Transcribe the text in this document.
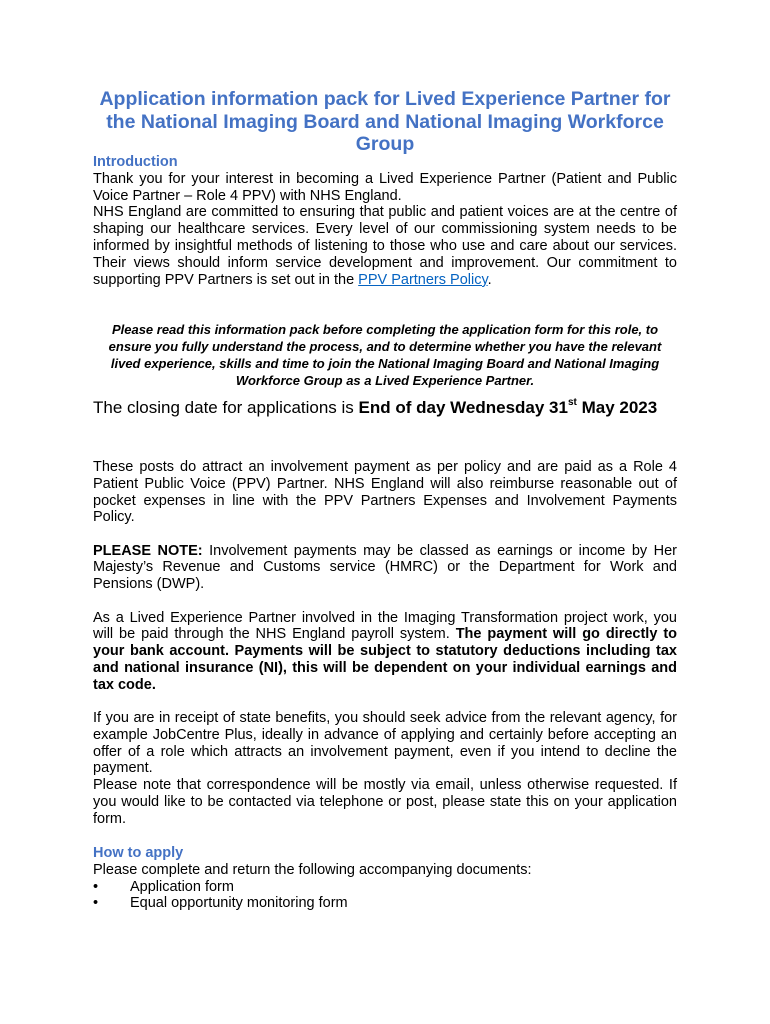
Application information pack for Lived Experience Partner for the National Imaging Board and National Imaging Workforce Group
Introduction

Thank you for your interest in becoming a Lived Experience Partner (Patient and Public Voice Partner – Role 4 PPV) with NHS England.

NHS England are committed to ensuring that public and patient voices are at the centre of shaping our healthcare services. Every level of our commissioning system needs to be informed by insightful methods of listening to those who use and care about our services. Their views should inform service development and improvement. Our commitment to supporting PPV Partners is set out in the PPV Partners Policy.

Please read this information pack before completing the application form for this role, to ensure you fully understand the process, and to determine whether you have the relevant lived experience, skills and time to join the National Imaging Board and National Imaging Workforce Group as a Lived Experience Partner.
The closing date for applications is End of day Wednesday 31st May 2023

These posts do attract an involvement payment as per policy and are paid as a Role 4 Patient Public Voice (PPV) Partner. NHS England will also reimburse reasonable out of pocket expenses in line with the PPV Partners Expenses and Involvement Payments Policy.

PLEASE NOTE: Involvement payments may be classed as earnings or income by Her Majesty’s Revenue and Customs service (HMRC) or the Department for Work and Pensions (DWP).

As a Lived Experience Partner involved in the Imaging Transformation project work, you will be paid through the NHS England payroll system. The payment will go directly to your bank account. Payments will be subject to statutory deductions including tax and national insurance (NI), this will be dependent on your individual earnings and tax code.

If you are in receipt of state benefits, you should seek advice from the relevant agency, for example JobCentre Plus, ideally in advance of applying and certainly before accepting an offer of a role which attracts an involvement payment, even if you intend to decline the payment.

Please note that correspondence will be mostly via email, unless otherwise requested. If you would like to be contacted via telephone or post, please state this on your application form.

How to apply

Please complete and return the following accompanying documents:

• Application form
• Equal opportunity monitoring form
